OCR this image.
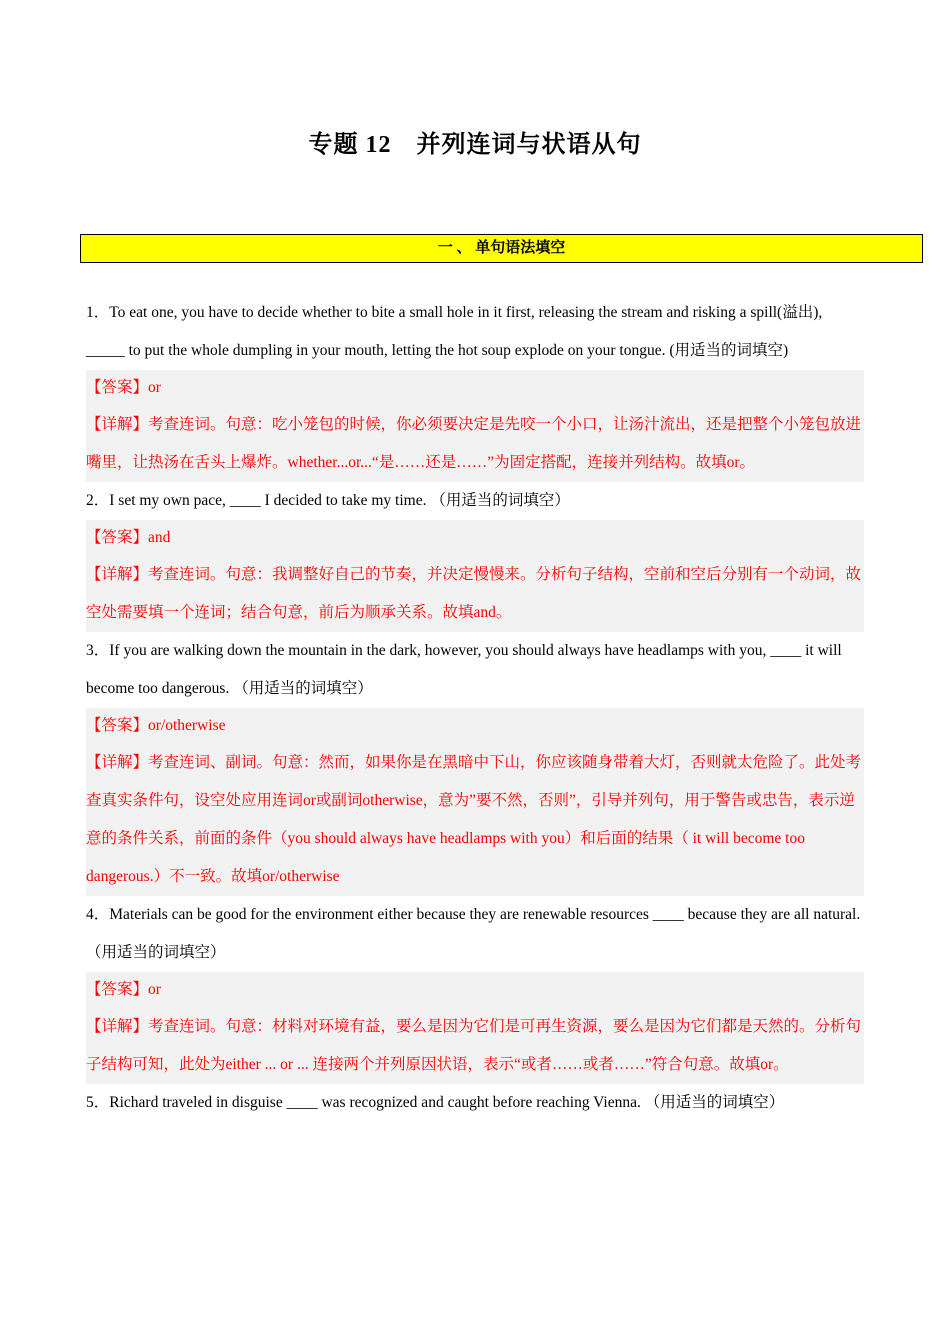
专题 12　并列连词与状语从句
一 、 单句语法填空

1．To eat one, you have to decide whether to bite a small hole in it first, releasing the stream and risking a spill(溢出), _____ to put the whole dumpling in your mouth, letting the hot soup explode on your tongue. (用适当的词填空)

【答案】or

【详解】考查连词。句意：吃小笼包的时候，你必须要决定是先咬一个小口，让汤汁流出，还是把整个小笼包放进嘴里，让热汤在舌头上爆炸。whether...or...“是……还是……”为固定搭配，连接并列结构。故填or。

2．I set my own pace, ____ I decided to take my time. （用适当的词填空）

【答案】and

【详解】考查连词。句意：我调整好自己的节奏，并决定慢慢来。分析句子结构，空前和空后分别有一个动词，故空处需要填一个连词；结合句意，前后为顺承关系。故填and。

3．If you are walking down the mountain in the dark, however, you should always have headlamps with you, ____ it will become too dangerous. （用适当的词填空）

【答案】or/otherwise

【详解】考查连词、副词。句意：然而，如果你是在黑暗中下山，你应该随身带着大灯，否则就太危险了。此处考查真实条件句，设空处应用连词or或副词otherwise，意为”要不然，否则”，引导并列句，用于警告或忠告，表示逆意的条件关系，前面的条件（you should always have headlamps with you）和后面的结果（ it will become too dangerous.）不一致。故填or/otherwise

4．Materials can be good for the environment either because they are renewable resources ____ because they are all natural. （用适当的词填空）

【答案】or

【详解】考查连词。句意：材料对环境有益，要么是因为它们是可再生资源，要么是因为它们都是天然的。分析句子结构可知，此处为either ... or ... 连接两个并列原因状语，表示“或者……或者……”符合句意。故填or。

5．Richard traveled in disguise ____ was recognized and caught before reaching Vienna. （用适当的词填空）
